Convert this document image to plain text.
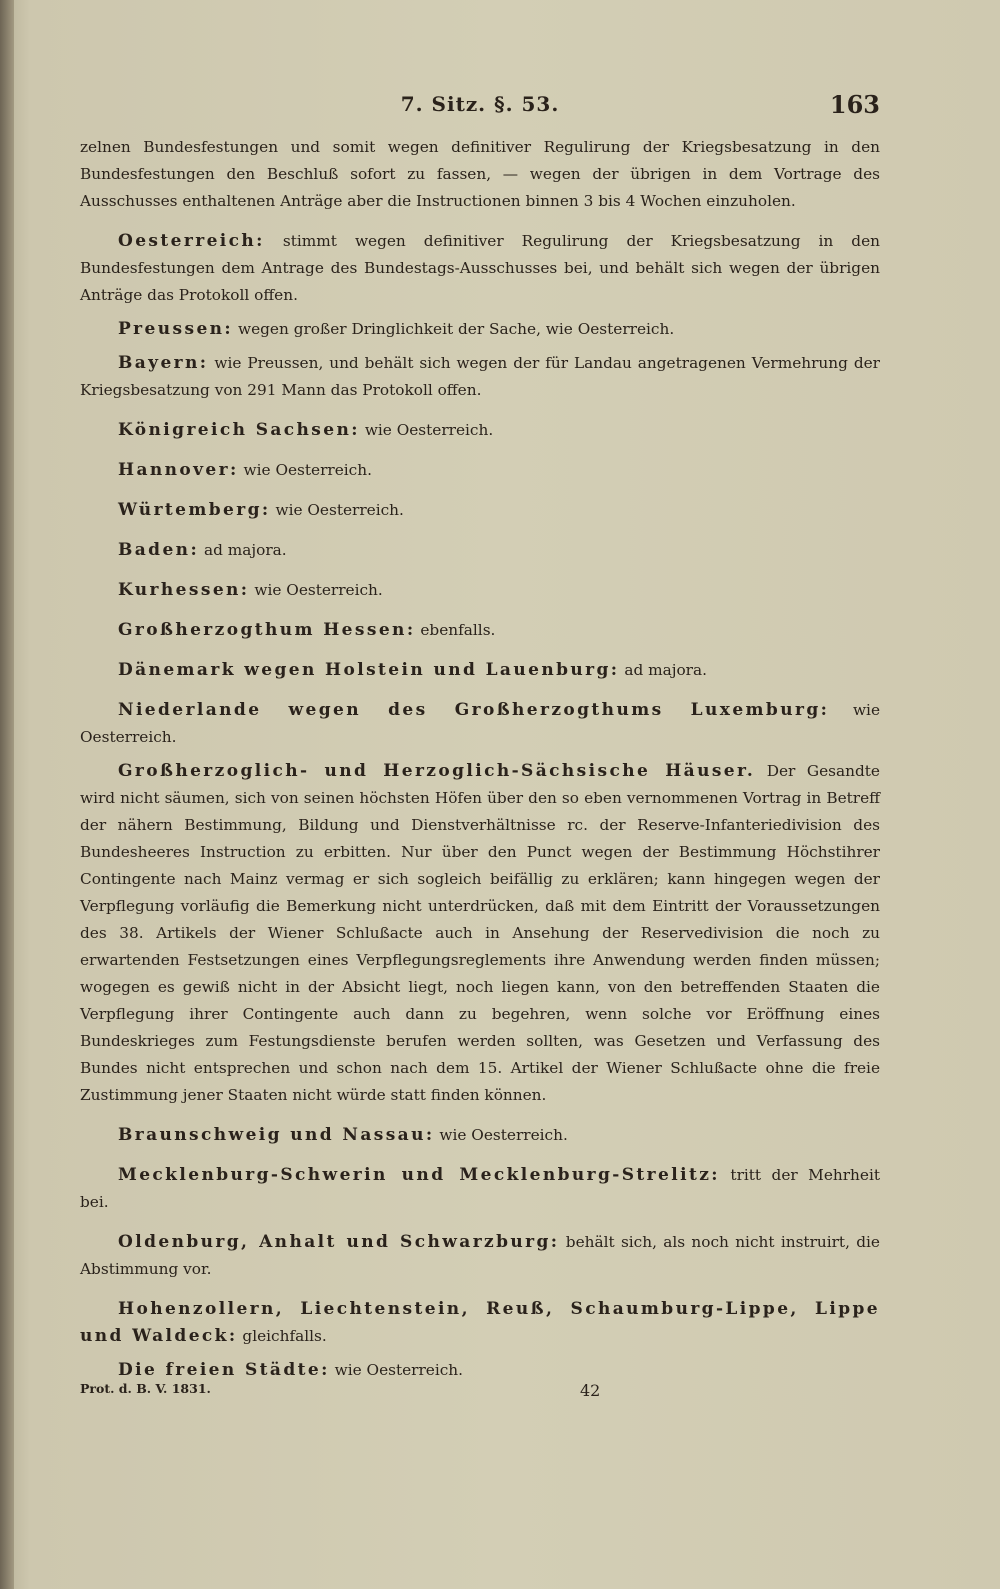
7. Sitz. §. 53.	163

zelnen Bundesfestungen und somit wegen definitiver Regulirung der Kriegsbesatzung in den Bundesfestungen den Beschluß sofort zu fassen, — wegen der übrigen in dem Vortrage des Ausschusses enthaltenen Anträge aber die Instructionen binnen 3 bis 4 Wochen einzuholen.

Oesterreich: stimmt wegen definitiver Regulirung der Kriegsbesatzung in den Bundesfestungen dem Antrage des Bundestags-Ausschusses bei, und behält sich wegen der übrigen Anträge das Protokoll offen.

Preussen: wegen großer Dringlichkeit der Sache, wie Oesterreich.

Bayern: wie Preussen, und behält sich wegen der für Landau angetragenen Vermehrung der Kriegsbesatzung von 291 Mann das Protokoll offen.

Königreich Sachsen: wie Oesterreich.

Hannover: wie Oesterreich.

Würtemberg: wie Oesterreich.

Baden: ad majora.

Kurhessen: wie Oesterreich.

Großherzogthum Hessen: ebenfalls.

Dänemark wegen Holstein und Lauenburg: ad majora.

Niederlande wegen des Großherzogthums Luxemburg: wie Oesterreich.

Großherzoglich- und Herzoglich-Sächsische Häuser. Der Gesandte wird nicht säumen, sich von seinen höchsten Höfen über den so eben vernommenen Vortrag in Betreff der nähern Bestimmung, Bildung und Dienstverhältnisse rc. der Reserve-Infanteriedivision des Bundesheeres Instruction zu erbitten. Nur über den Punct wegen der Bestimmung Höchstihrer Contingente nach Mainz vermag er sich sogleich beifällig zu erklären; kann hingegen wegen der Verpflegung vorläufig die Bemerkung nicht unterdrücken, daß mit dem Eintritt der Voraussetzungen des 38. Artikels der Wiener Schlußacte auch in Ansehung der Reservedivision die noch zu erwartenden Festsetzungen eines Verpflegungsreglements ihre Anwendung werden finden müssen; wogegen es gewiß nicht in der Absicht liegt, noch liegen kann, von den betreffenden Staaten die Verpflegung ihrer Contingente auch dann zu begehren, wenn solche vor Eröffnung eines Bundeskrieges zum Festungsdienste berufen werden sollten, was Gesetzen und Verfassung des Bundes nicht entsprechen und schon nach dem 15. Artikel der Wiener Schlußacte ohne die freie Zustimmung jener Staaten nicht würde statt finden können.

Braunschweig und Nassau: wie Oesterreich.

Mecklenburg-Schwerin und Mecklenburg-Strelitz: tritt der Mehrheit bei.

Oldenburg, Anhalt und Schwarzburg: behält sich, als noch nicht instruirt, die Abstimmung vor.

Hohenzollern, Liechtenstein, Reuß, Schaumburg-Lippe, Lippe und Waldeck: gleichfalls.

Die freien Städte: wie Oesterreich.

Prot. d. B. V. 1831.	42
